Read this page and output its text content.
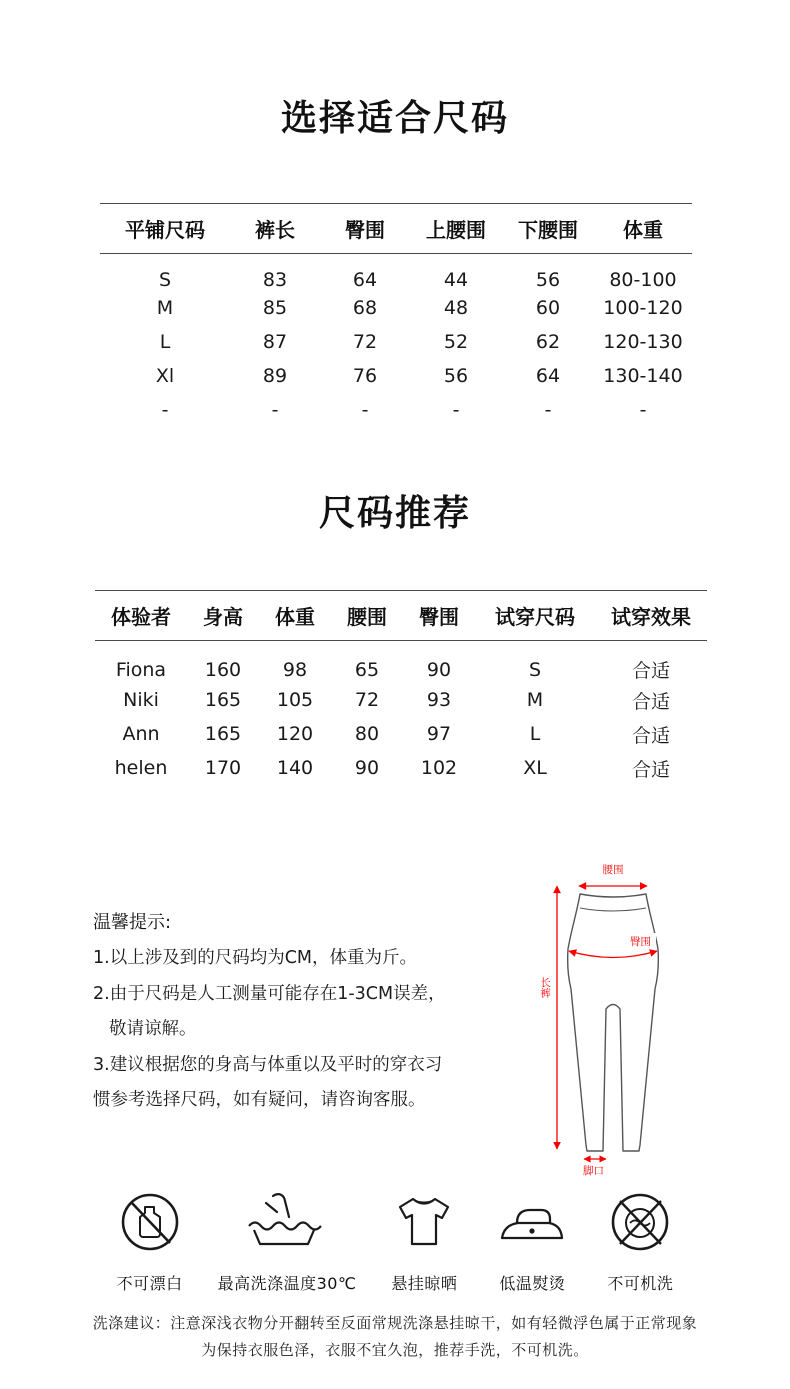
选择适合尺码
平铺尺码	裤长	臀围	上腰围	下腰围	体重
S	83	64	44	56	80-100
M	85	68	48	60	100-120
L	87	72	52	62	120-130
Xl	89	76	56	64	130-140
-	-	-	-	-	-
尺码推荐
体验者	身高	体重	腰围	臀围	试穿尺码	试穿效果
Fiona	160	98	65	90	S	合适
Niki	165	105	72	93	M	合适
Ann	165	120	80	97	L	合适
helen	170	140	90	102	XL	合适
温馨提示:
1.以上涉及到的尺码均为CM，体重为斤。
2.由于尺码是人工测量可能存在1-3CM误差，
敬请谅解。
3.建议根据您的身高与体重以及平时的穿衣习
惯参考选择尺码，如有疑问，请咨询客服。
腰围
臀围
长裤
脚口
不可漂白 最高洗涤温度30℃ 悬挂晾晒	低温熨烫	不可机洗
洗涤建议：注意深浅衣物分开翻转至反面常规洗涤悬挂晾干，如有轻微浮色属于正常现象
为保持衣服色泽，衣服不宜久泡，推荐手洗，不可机洗。
